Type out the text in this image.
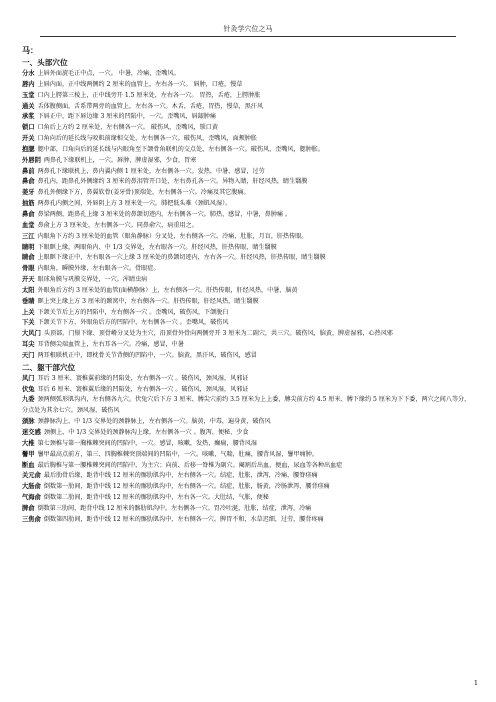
针灸学穴位之马
马：
一、头部穴位
分水 上唇外面旋毛正中点，一穴。 中暑，冷痛，歪嘴风。
唇内 上唇内面，正中线两侧约 2 厘米的血管上，左右各一穴。 唇肿，口疮，慢草
玉堂 口内上腭第三棱上，正中线旁开 1.5 厘米处，左右各一穴。 胃热，舌疮，上腭肿胀
通关 舌体腹侧面，舌系带两旁的血管上，左右各一穴。木舌，舌疮，胃热，慢草，黑汗风
承浆 下唇正中，距下唇边缘 3 厘米的凹陷中，一穴。歪嘴风，唇龈肿痛
锁口 口角后上方约 2 厘米处，左右侧各一穴。 破伤风，歪嘴风，锁口黄
开关 口角向后的延长线与咬肌前缘相交处，左右侧各一穴。破伤风，歪嘴风，面颊肿胀
抱腮 腮中部，口角向后的延长线与内眼角至下颌骨角联机的交点处，左右侧各一穴。破伤风，歪嘴风，腮肿胀。
外唇阴 两鼻孔下缘联机上，一穴。唇肿，脾虚湿邪，少食，胃寒
鼻前 两鼻孔下缘联机上，鼻内翼内侧 1 厘米处，左右侧各一穴。发热，中暑，感冒，过劳
鼻俞 鼻孔内，距鼻孔外侧缘约 3 厘米的鼻泪管开口处，左右鼻孔各一穴。异物入睛，肝经风热，睛生翳膜
姜牙 鼻孔外侧缘下方，鼻翼软骨(姜牙骨)顶端处，左右侧各一穴。冷痛及其它腹痛。
抽筋 两鼻孔内侧之间，外唇阴上方 3 厘米处一穴。肺把低头难（颈肌风湿）。
鼻俞 鼻梁两侧，距鼻孔上缘 3 厘米处的鼻颌切迹内，左右侧各一穴。肺热，感冒，中暑，鼻肿痛 。
血堂 鼻俞上方 3 厘米处，左右侧各一穴。同鼻俞穴，病重用之。
三江 内眼角下方约 3 厘米处的血管（眼角静脉）分叉处，左右侧各一穴。冷痛，肚胀，月盲，肝热传眼。
睛明 下眼眶上缘，两眼角内、中 1/3 交界处，左右眼各一穴。肝经风热，肝热传眼，睛生翳膜
睛俞 上眼眶下缘正中，左右眼各一穴上缘 3 厘米处的鼻颌切迹内，左右各一穴。肝经风热，肝热传眼，睛生翳膜
骨眼 内眼角，瞬膜外缘，左右眼各一穴。骨眼症。
开天 眼球角膜与巩膜交界处，一穴。浑睛虫病
太阳 外眼角后方约 3 厘米处的血管(面横静脉）上，左右侧各一穴。肝热传眼，肝经风热，中暑，脑黄
垂睛 眶上突上缘上方 3 厘米的颞窝中，左右侧各一穴。肝热传眼，肝经风热，睛生翳膜
上关 下颌关节后上方的凹陷中，左右侧各一穴 。歪嘴风，破伤风，下颌脱臼
下关 下颌关节下方，外眼角后方的凹陷中，左右侧各一穴 。歪嘴风，破伤风
大风门 头顶部，门鬃下缘、顶骨嵴分叉处为主穴，沿顶骨外骨向两侧旁开 3 厘米为二副穴，共三穴。破伤风，脑黄，脾虚湿邪，心热风邪
耳尖 耳背侧尖端血管上，左右耳各一穴。冷痛，感冒，中暑
天门 两耳根联机正中，即枕骨关节背侧的凹陷中，一穴。脑黄，黑汗风，破伤风，感冒
二、躯干部穴位
风门 耳后 3 厘米、寰椎翼前缘的凹陷处，左右侧各一穴 。破伤风，颈风湿，风邪证
伏兔 耳后 6 厘米、寰椎翼后缘的凹陷处，左右侧各一穴 。破伤风，颈风湿，风邪证
九委 颈两侧弧形肌沟内，左右侧各九穴。伏兔穴后下方 3 厘米、膊尖穴前约 3.5 厘米为上上委，膊尖前方约 4.5 厘米、膊下缘约 5 厘米为下下委，两穴之间八等分，分点处为其余七穴。颈风湿，破伤风
颈脉 颈静脉沟上、中 1/3 交界处的颈静脉上，左右侧各一穴。脑黄，中毒，遍身黄，破伤风
迷交感 颈侧上、中 1/3 交界处的颈静脉沟上缘，左右侧各一穴 。腹泻，便秘，少食
大椎 第七颈椎与第一胸椎棘突间的凹陷中，一穴。感冒，咳嗽，发热，癫痫，腰背风湿
鬐甲 鬐甲最高点前方，第三、四胸椎棘突顶端间的凹陷中，一穴。咳嗽，气喘，肚痛，腰背风湿，鬐甲痈肿。
断血 最后胸椎与第一腰椎棘突间的凹陷中，为主穴；向前、后移一脊椎为副穴。阉割后出血，便血，尿血等各种出血症
关元俞 最后肋骨后缘，距背中线 12 厘米的髂肋肌沟中，左右侧各一穴。结症，肚胀，泄泻，冷痛，腰脊痉痛
大肠俞 倒数第一肋间，距背中线 12 厘米的髂肋肌沟中，左右侧各一穴。结症，肚胀，肠黄，冷肠泄泻，腰背痉痛
气海俞 倒数第二肋间，距背中线 12 厘米的髂肋肌沟中，左右各一穴。大肚结，气胀，便秘
脾俞 倒数第三肋间，距背中线 12 厘米的髂肋肌沟中，左右侧各一穴。胃冷吐涎，肚胀，结症，泄泻，冷痛
三焦俞 倒数第四肋间，距背中线 12 厘米的髂肋肌沟中，左右侧各一穴。脾胃不和，水草迟细，过劳，腰背疼痛
1
